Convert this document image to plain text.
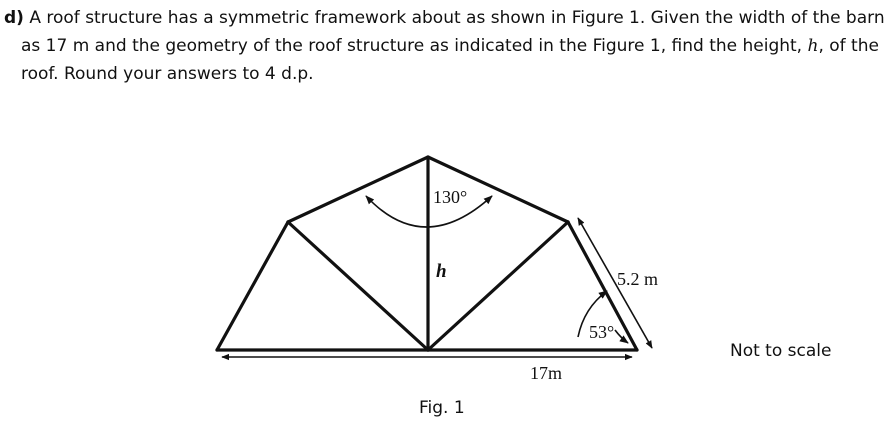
d) A roof structure has a symmetric framework about as shown in Figure 1. Given the width of the barn
as 17 m and the geometry of the roof structure as indicated in the Figure 1, find the height, h, of the
roof. Round your answers to 4 d.p.
130°
h	5.2 m
53°
17m
Not to scale
Fig. 1
